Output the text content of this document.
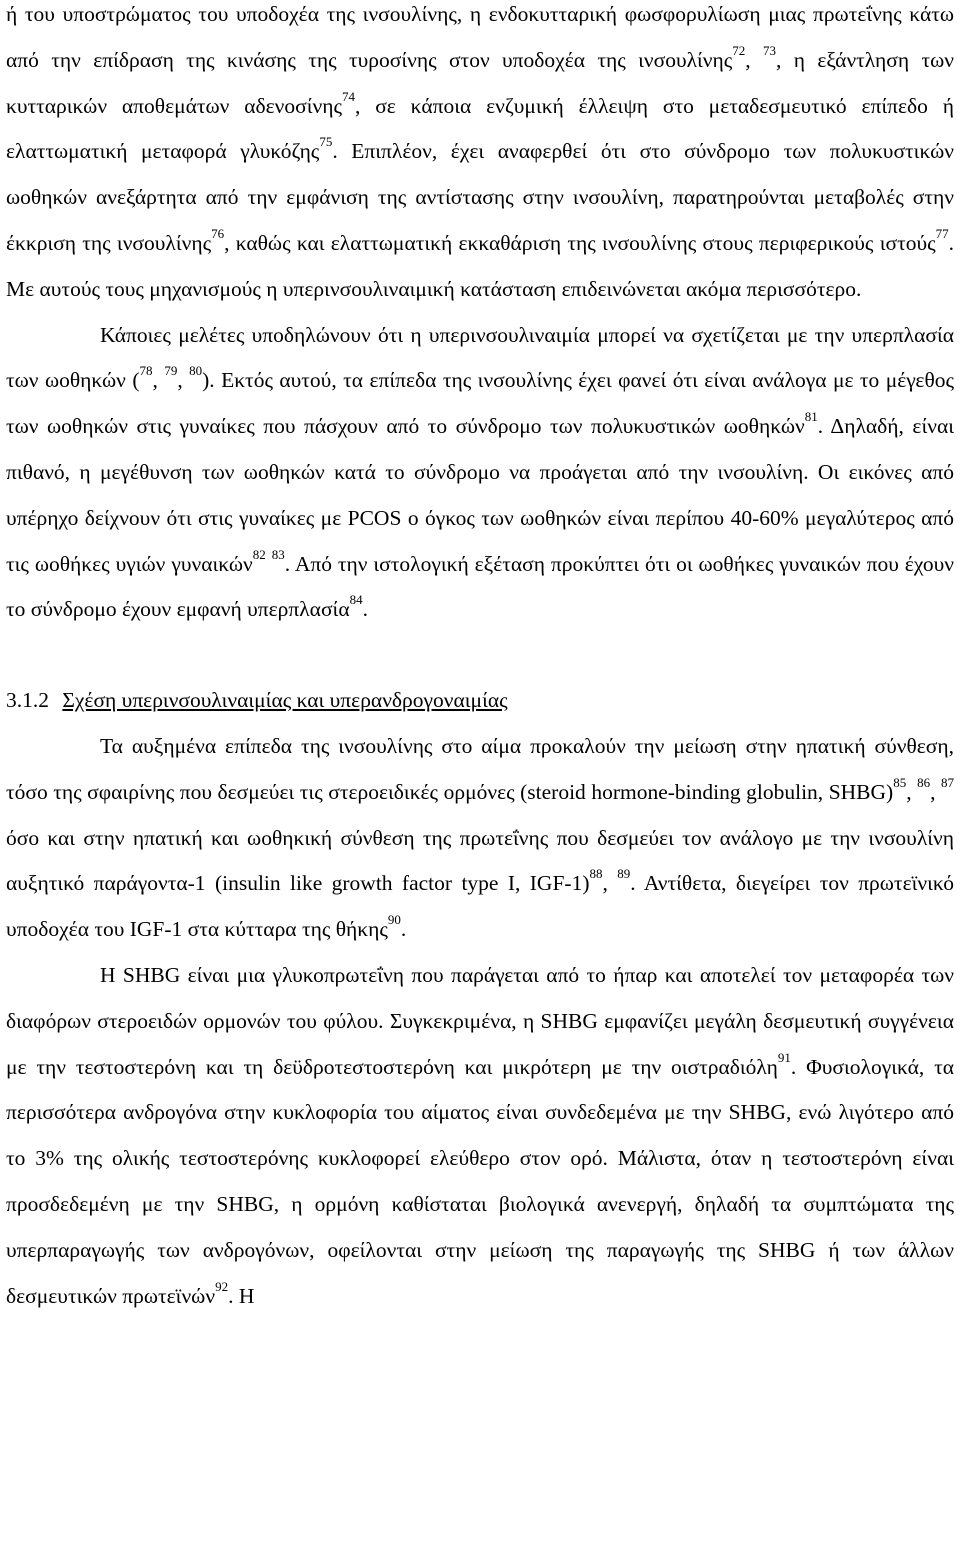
ή του υποστρώματος του υποδοχέα της ινσουλίνης, η ενδοκυτταρική φωσφορυλίωση μιας πρωτεΐνης κάτω από την επίδραση της κινάσης της τυροσίνης στον υποδοχέα της ινσουλίνης$^{72}$, $^{73}$, η εξάντληση των κυτταρικών αποθεμάτων αδενοσίνης$^{74}$, σε κάποια ενζυμική έλλειψη στο μεταδεσμευτικό επίπεδο ή ελαττωματική μεταφορά γλυκόζης$^{75}$. Επιπλέον, έχει αναφερθεί ότι στο σύνδρομο των πολυκυστικών ωοθηκών ανεξάρτητα από την εμφάνιση της αντίστασης στην ινσουλίνη, παρατηρούνται μεταβολές στην έκκριση της ινσουλίνης$^{76}$, καθώς και ελαττωματική εκκαθάριση της ινσουλίνης στους περιφερικούς ιστούς$^{77}$. Με αυτούς τους μηχανισμούς η υπερινσουλιναιμική κατάσταση επιδεινώνεται ακόμα περισσότερο.

Κάποιες μελέτες υποδηλώνουν ότι η υπερινσουλιναιμία μπορεί να σχετίζεται με την υπερπλασία των ωοθηκών ($^{78}$, $^{79}$, $^{80}$). Εκτός αυτού, τα επίπεδα της ινσουλίνης έχει φανεί ότι είναι ανάλογα με το μέγεθος των ωοθηκών στις γυναίκες που πάσχουν από το σύνδρομο των πολυκυστικών ωοθηκών$^{81}$. Δηλαδή, είναι πιθανό, η μεγέθυνση των ωοθηκών κατά το σύνδρομο να προάγεται από την ινσουλίνη. Οι εικόνες από υπέρηχο δείχνουν ότι στις γυναίκες με PCOS ο όγκος των ωοθηκών είναι περίπου 40-60% μεγαλύτερος από τις ωοθήκες υγιών γυναικών$^{82}$ $^{83}$. Από την ιστολογική εξέταση προκύπτει ότι οι ωοθήκες γυναικών που έχουν το σύνδρομο έχουν εμφανή υπερπλασία$^{84}$.

3.1.2 Σχέση υπερινσουλιναιμίας και υπερανδρογοναιμίας

Τα αυξημένα επίπεδα της ινσουλίνης στο αίμα προκαλούν την μείωση στην ηπατική σύνθεση, τόσο της σφαιρίνης που δεσμεύει τις στεροειδικές ορμόνες (steroid hormone-binding globulin, SHBG)$^{85}$, $^{86}$, $^{87}$ όσο και στην ηπατική και ωοθηκική σύνθεση της πρωτεΐνης που δεσμεύει τον ανάλογο με την ινσουλίνη αυξητικό παράγοντα-1 (insulin like growth factor type I, IGF-1)$^{88}$, $^{89}$. Αντίθετα, διεγείρει τον πρωτεϊνικό υποδοχέα του IGF-1 στα κύτταρα της θήκης$^{90}$.

Η SHBG είναι μια γλυκοπρωτεΐνη που παράγεται από το ήπαρ και αποτελεί τον μεταφορέα των διαφόρων στεροειδών ορμονών του φύλου. Συγκεκριμένα, η SHBG εμφανίζει μεγάλη δεσμευτική συγγένεια με την τεστοστερόνη και τη δεϋδροτεστοστερόνη και μικρότερη με την οιστραδιόλη$^{91}$. Φυσιολογικά, τα περισσότερα ανδρογόνα στην κυκλοφορία του αίματος είναι συνδεδεμένα με την SHBG, ενώ λιγότερο από το 3% της ολικής τεστοστερόνης κυκλοφορεί ελεύθερο στον ορό. Μάλιστα, όταν η τεστοστερόνη είναι προσδεδεμένη με την SHBG, η ορμόνη καθίσταται βιολογικά ανενεργή, δηλαδή τα συμπτώματα της υπερπαραγωγής των ανδρογόνων, οφείλονται στην μείωση της παραγωγής της SHBG ή των άλλων δεσμευτικών πρωτεϊνών$^{92}$. Η
